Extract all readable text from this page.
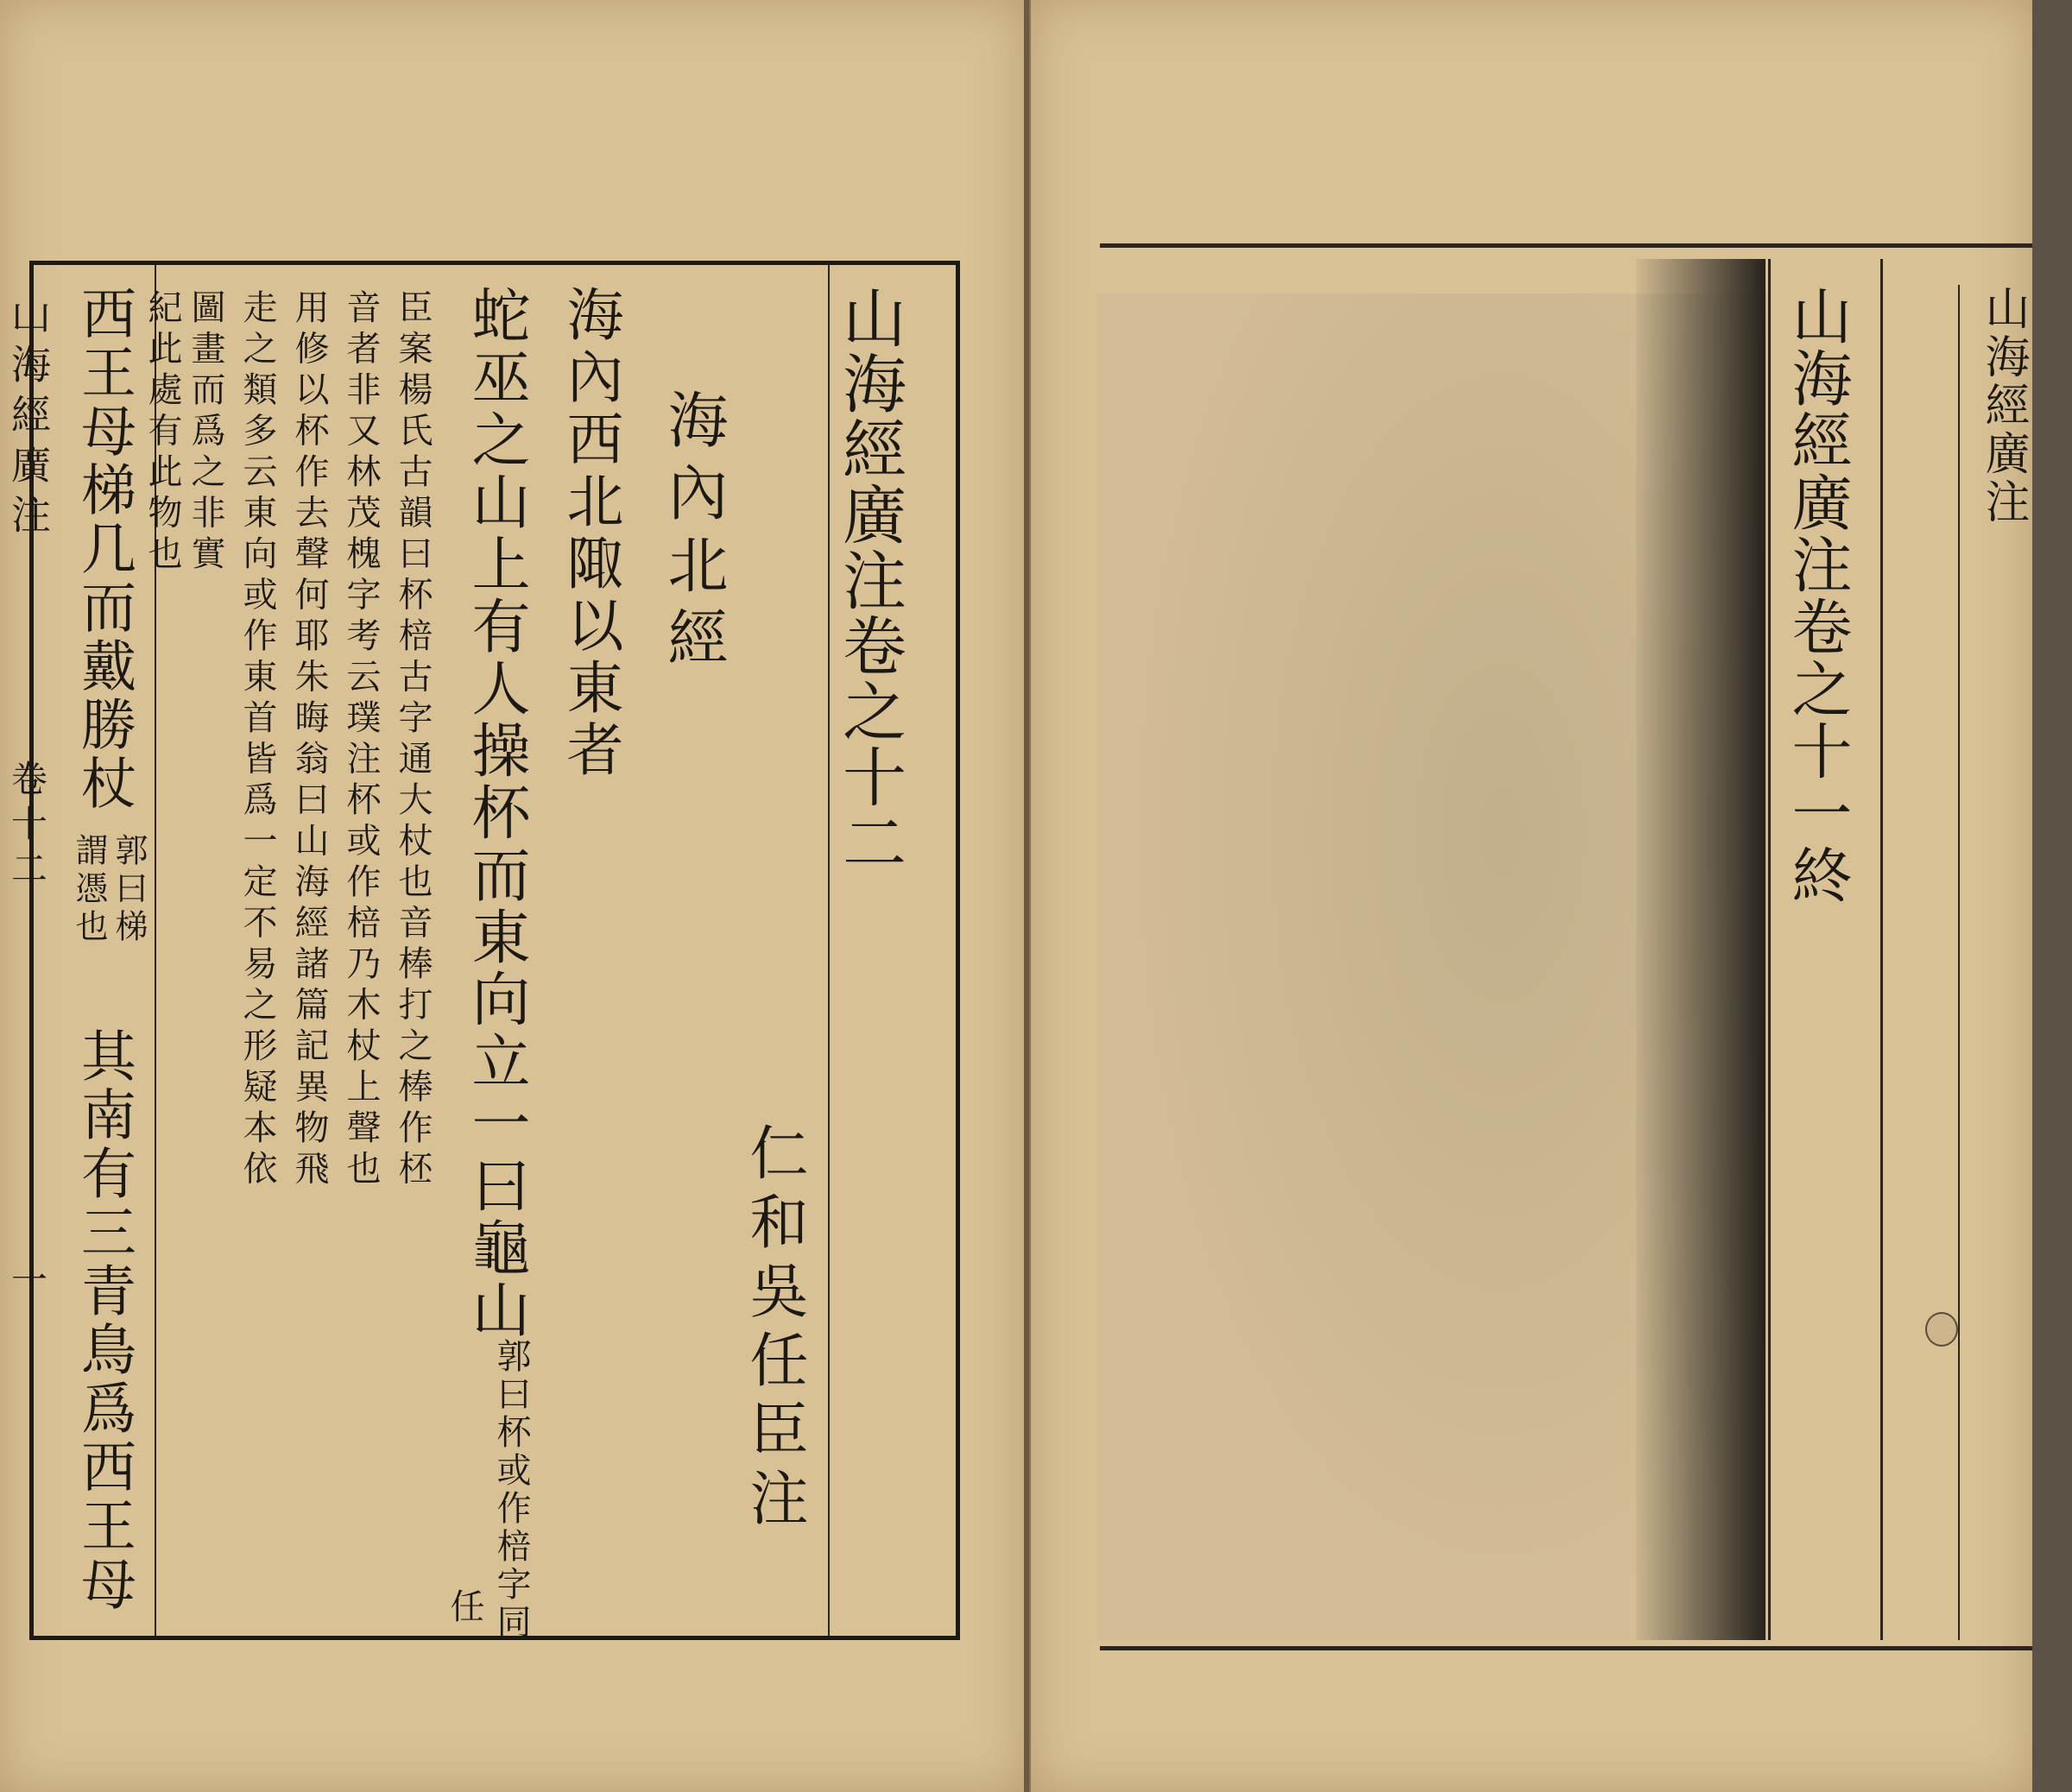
山海經廣注
卷十二
一
山海經廣注卷之十二
海內北經
海內西北陬以東者
仁和吳任臣注
蛇巫之山上有人操杯而東向立一曰龜山
郭曰杯或作棓字同
任
臣案楊氏古韻曰杯棓古字通大杖也音棒打之棒作柸
音者非又林茂槐字考云璞注杯或作棓乃木杖上聲也
用修以杯作去聲何耶朱晦翁曰山海經諸篇記異物飛
走之類多云東向或作東首皆爲一定不易之形疑本依
圖畫而爲之非實
紀此處有此物也
西王母梯几而戴勝杖
郭曰梯
謂憑也
其南有三青鳥爲西王母
山海經廣注卷之十一終	山海經廣注
